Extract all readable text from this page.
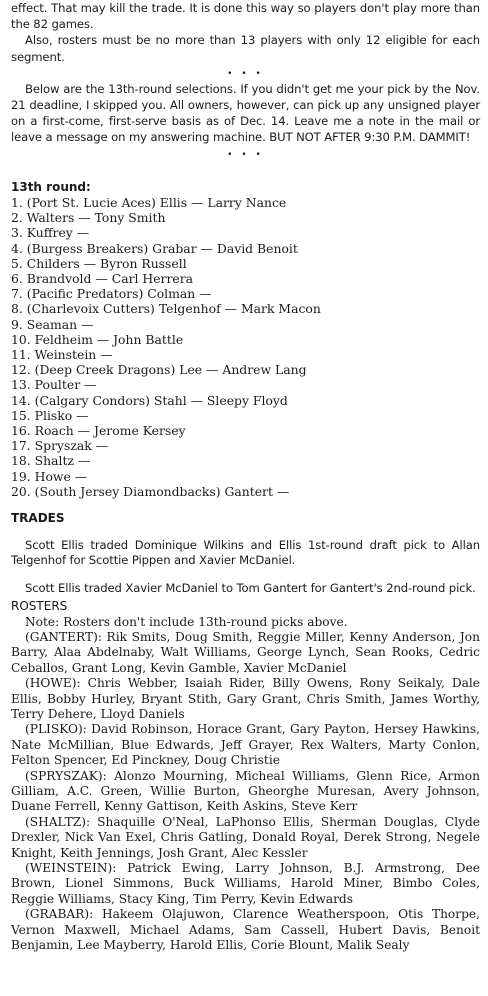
effect. That may kill the trade. It is done this way so players don't play more than the 82 games.

Also, rosters must be no more than 13 players with only 12 eligible for each segment.

• • •

Below are the 13th-round selections. If you didn't get me your pick by the Nov. 21 deadline, I skipped you. All owners, however, can pick up any unsigned player on a first-come, first-serve basis as of Dec. 14. Leave me a note in the mail or leave a message on my answering machine. BUT NOT AFTER 9:30 P.M. DAMMIT!

• • •
13th round:
1. (Port St. Lucie Aces) Ellis — Larry Nance
2. Walters — Tony Smith
3. Kuffrey —
4. (Burgess Breakers) Grabar — David Benoit
5. Childers — Byron Russell
6. Brandvold — Carl Herrera
7. (Pacific Predators) Colman —
8. (Charlevoix Cutters) Telgenhof — Mark Macon
9. Seaman —
10. Feldheim — John Battle
11. Weinstein —
12. (Deep Creek Dragons) Lee — Andrew Lang
13. Poulter —
14. (Calgary Condors) Stahl — Sleepy Floyd
15. Plisko —
16. Roach — Jerome Kersey
17. Spryszak —
18. Shaltz —
19. Howe —
20. (South Jersey Diamondbacks) Gantert —
TRADES

Scott Ellis traded Dominique Wilkins and Ellis 1st-round draft pick to Allan Telgenhof for Scottie Pippen and Xavier McDaniel.

Scott Ellis traded Xavier McDaniel to Tom Gantert for Gantert's 2nd-round pick.

ROSTERS

Note: Rosters don't include 13th-round picks above.

(GANTERT): Rik Smits, Doug Smith, Reggie Miller, Kenny Anderson, Jon Barry, Alaa Abdelnaby, Walt Williams, George Lynch, Sean Rooks, Cedric Ceballos, Grant Long, Kevin Gamble, Xavier McDaniel

(HOWE): Chris Webber, Isaiah Rider, Billy Owens, Rony Seikaly, Dale Ellis, Bobby Hurley, Bryant Stith, Gary Grant, Chris Smith, James Worthy, Terry Dehere, Lloyd Daniels

(PLISKO): David Robinson, Horace Grant, Gary Payton, Hersey Hawkins, Nate McMillian, Blue Edwards, Jeff Grayer, Rex Walters, Marty Conlon, Felton Spencer, Ed Pinckney, Doug Christie

(SPRYSZAK): Alonzo Mourning, Micheal Williams, Glenn Rice, Armon Gilliam, A.C. Green, Willie Burton, Gheorghe Muresan, Avery Johnson, Duane Ferrell, Kenny Gattison, Keith Askins, Steve Kerr

(SHALTZ): Shaquille O'Neal, LaPhonso Ellis, Sherman Douglas, Clyde Drexler, Nick Van Exel, Chris Gatling, Donald Royal, Derek Strong, Negele Knight, Keith Jennings, Josh Grant, Alec Kessler

(WEINSTEIN): Patrick Ewing, Larry Johnson, B.J. Armstrong, Dee Brown, Lionel Simmons, Buck Williams, Harold Miner, Bimbo Coles, Reggie Williams, Stacy King, Tim Perry, Kevin Edwards

(GRABAR): Hakeem Olajuwon, Clarence Weatherspoon, Otis Thorpe, Vernon Maxwell, Michael Adams, Sam Cassell, Hubert Davis, Benoit Benjamin, Lee Mayberry, Harold Ellis, Corie Blount, Malik Sealy
